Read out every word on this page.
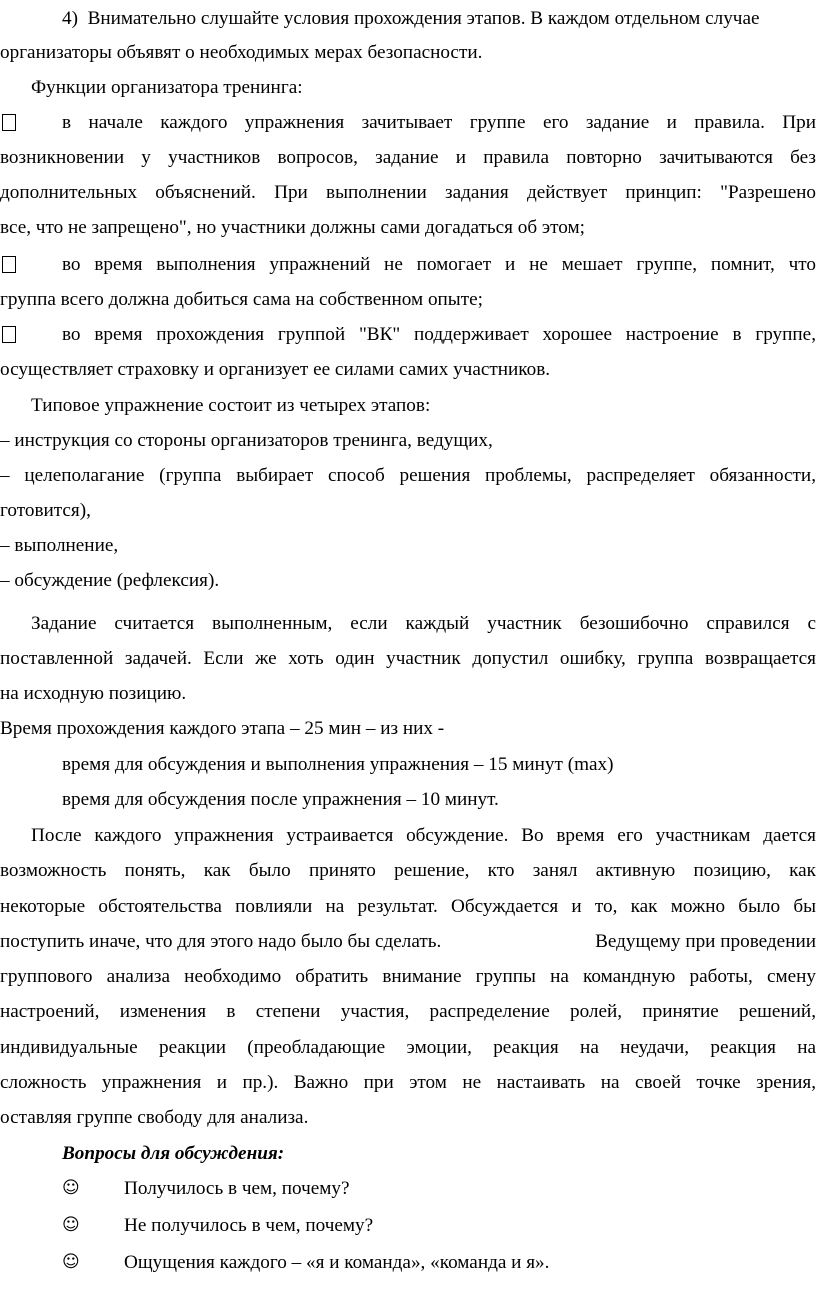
4) Внимательно слушайте условия прохождения этапов. В каждом отдельном случае
организаторы объявят о необходимых мерах безопасности.
Функции организатора тренинга:
в начале каждого упражнения зачитывает группе его задание и правила. При
возникновении у участников вопросов, задание и правила повторно зачитываются без
дополнительных объяснений. При выполнении задания действует принцип: "Разрешено
все, что не запрещено", но участники должны сами догадаться об этом;
во время выполнения упражнений не помогает и не мешает группе, помнит, что
группа всего должна добиться сама на собственном опыте;
во время прохождения группой "ВК" поддерживает хорошее настроение в группе,
осуществляет страховку и организует ее силами самих участников.
Типовое упражнение состоит из четырех этапов:
– инструкция со стороны организаторов тренинга, ведущих,
– целеполагание (группа выбирает способ решения проблемы, распределяет обязанности,
готовится),
– выполнение,
– обсуждение (рефлексия).
Задание считается выполненным, если каждый участник безошибочно справился с
поставленной задачей. Если же хоть один участник допустил ошибку, группа возвращается
на исходную позицию.
Время прохождения каждого этапа – 25 мин – из них -
время для обсуждения и выполнения упражнения – 15 минут (max)
время для обсуждения после упражнения – 10 минут.
После каждого упражнения устраивается обсуждение. Во время его участникам дается
возможность понять, как было принято решение, кто занял активную позицию, как
некоторые обстоятельства повлияли на результат. Обсуждается и то, как можно было бы
поступить иначе, что для этого надо было бы сделать.	Ведущему при проведении
группового анализа необходимо обратить внимание группы на командную работы, смену
настроений, изменения в степени участия, распределение ролей, принятие решений,
индивидуальные реакции (преобладающие эмоции, реакция на неудачи, реакция на
сложность упражнения и пр.). Важно при этом не настаивать на своей точке зрения,
оставляя группе свободу для анализа.
Вопросы для обсуждения:
☺ Получилось в чем, почему?
☺ Не получилось в чем, почему?
☺ Ощущения каждого – «я и команда», «команда и я».
